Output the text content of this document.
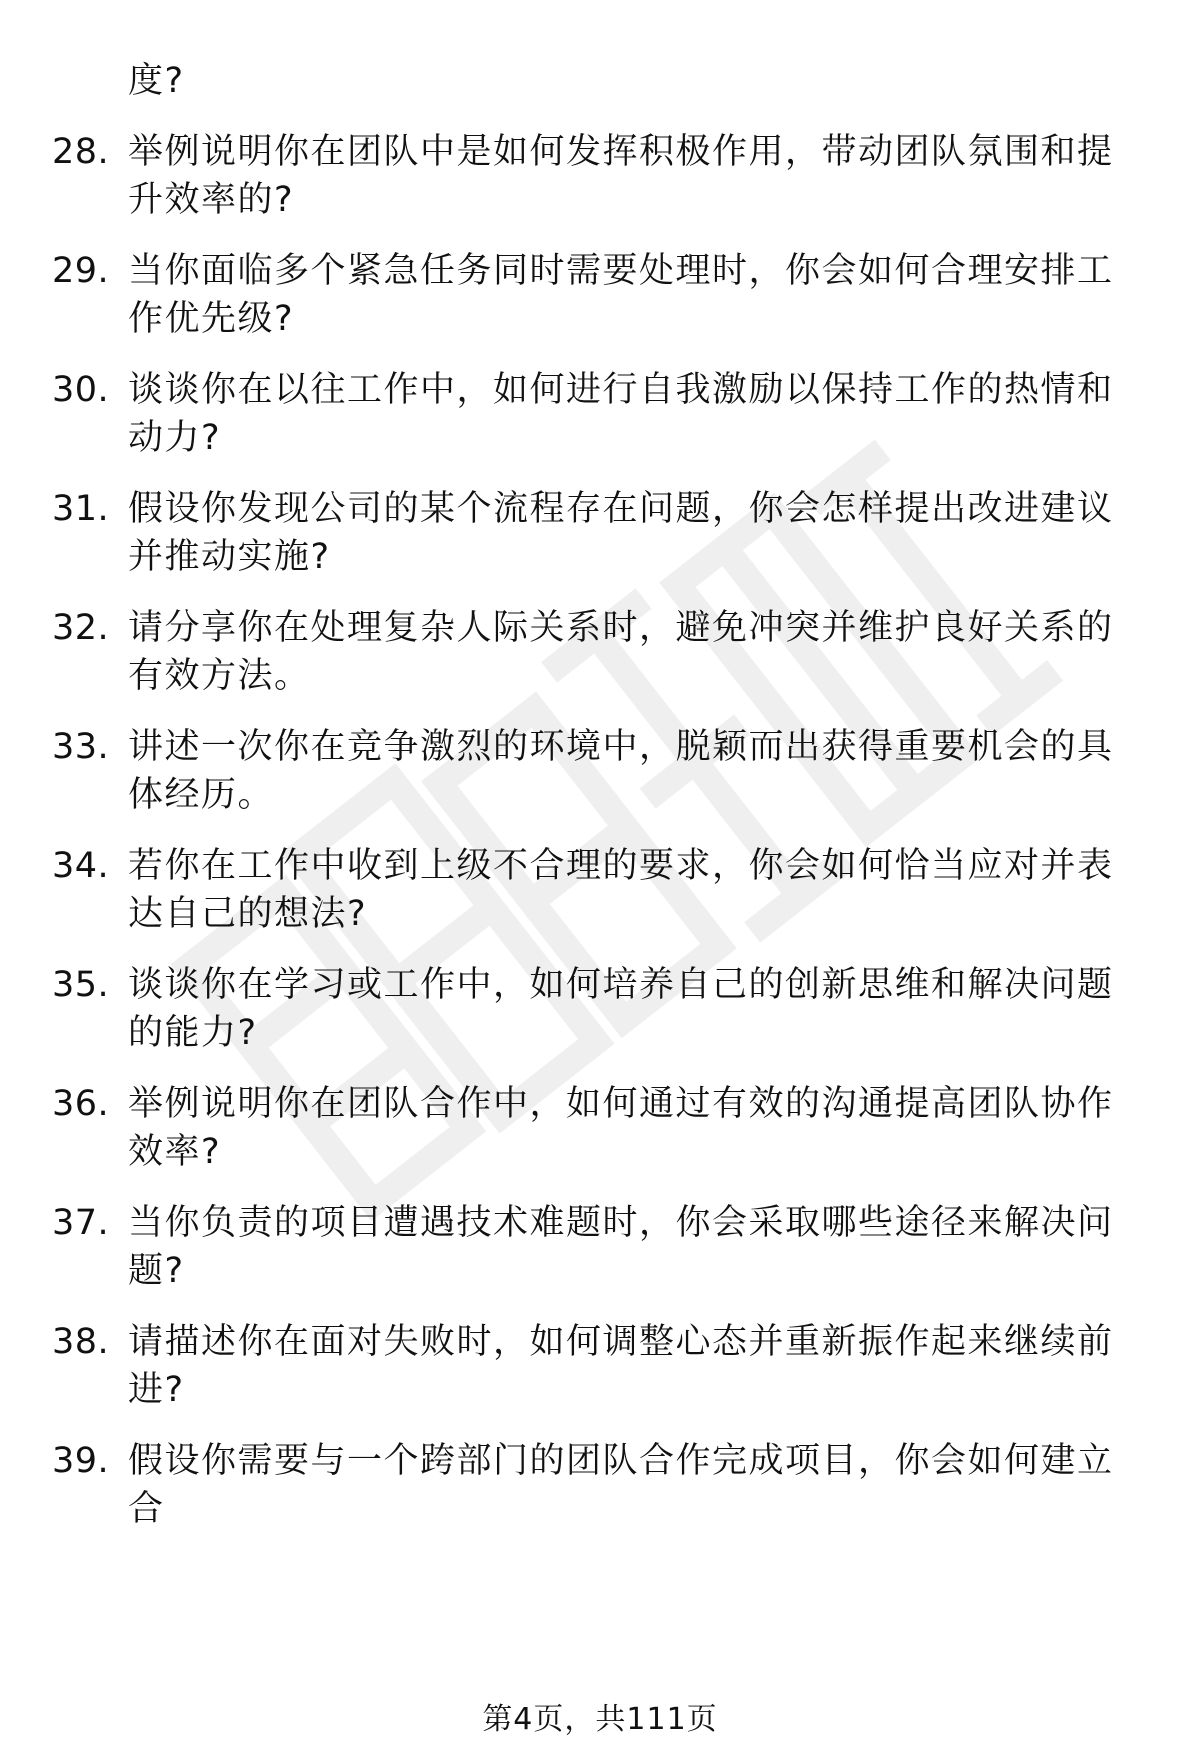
度?
28. 举例说明你在团队中是如何发挥积极作用，带动团队氛围和提升效率的?
29. 当你面临多个紧急任务同时需要处理时，你会如何合理安排工作优先级?
30. 谈谈你在以往工作中，如何进行自我激励以保持工作的热情和动力?
31. 假设你发现公司的某个流程存在问题，你会怎样提出改进建议并推动实施?
32. 请分享你在处理复杂人际关系时，避免冲突并维护良好关系的有效方法。
33. 讲述一次你在竞争激烈的环境中，脱颖而出获得重要机会的具体经历。
34. 若你在工作中收到上级不合理的要求，你会如何恰当应对并表达自己的想法?
35. 谈谈你在学习或工作中，如何培养自己的创新思维和解决问题的能力?
36. 举例说明你在团队合作中，如何通过有效的沟通提高团队协作效率?
37. 当你负责的项目遭遇技术难题时，你会采取哪些途径来解决问题?
38. 请描述你在面对失败时，如何调整心态并重新振作起来继续前进?
39. 假设你需要与一个跨部门的团队合作完成项目，你会如何建立合
第4页，共111页
